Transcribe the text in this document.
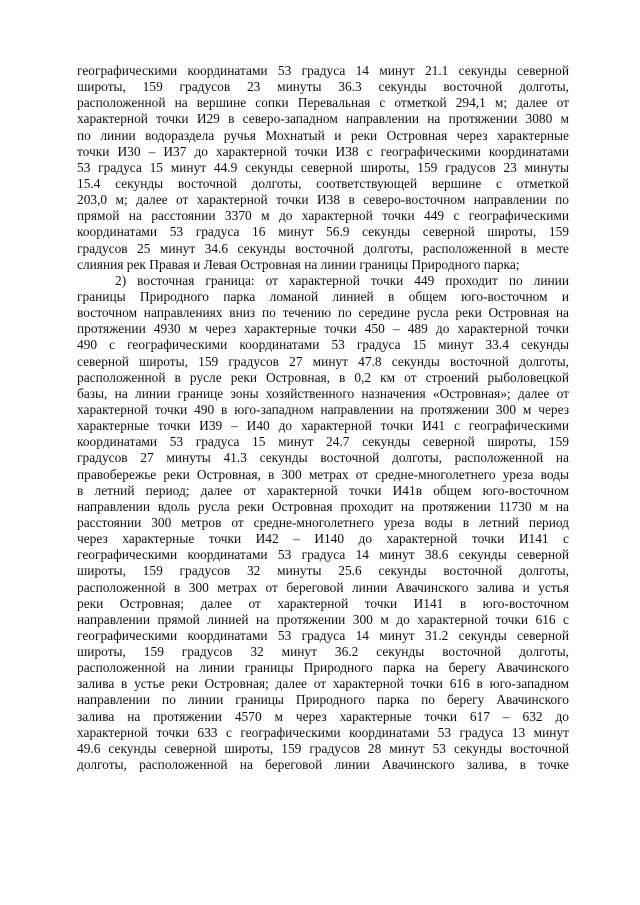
географическими координатами 53 градуса 14 минут 21.1 секунды северной
широты, 159 градусов 23 минуты 36.3 секунды восточной долготы,
расположенной на вершине сопки Перевальная с отметкой 294,1 м; далее от
характерной точки И29 в северо-западном направлении на протяжении 3080 м
по линии водораздела ручья Мохнатый и реки Островная через характерные
точки И30 – И37 до характерной точки И38 с географическими координатами
53 градуса 15 минут 44.9 секунды северной широты, 159 градусов 23 минуты
15.4 секунды восточной долготы, соответствующей вершине с отметкой
203,0 м; далее от характерной точки И38 в северо-восточном направлении по
прямой на расстоянии 3370 м до характерной точки 449 с географическими
координатами 53 градуса 16 минут 56.9 секунды северной широты, 159
градусов 25 минут 34.6 секунды восточной долготы, расположенной в месте
слияния рек Правая и Левая Островная на линии границы Природного парка;
2) восточная граница: от характерной точки 449 проходит по линии
границы Природного парка ломаной линией в общем юго-восточном и
восточном направлениях вниз по течению по середине русла реки Островная на
протяжении 4930 м через характерные точки 450 – 489 до характерной точки
490 с географическими координатами 53 градуса 15 минут 33.4 секунды
северной широты, 159 градусов 27 минут 47.8 секунды восточной долготы,
расположенной в русле реки Островная, в 0,2 км от строений рыболовецкой
базы, на линии границе зоны хозяйственного назначения «Островная»; далее от
характерной точки 490 в юго-западном направлении на протяжении 300 м через
характерные точки И39 – И40 до характерной точки И41 с географическими
координатами 53 градуса 15 минут 24.7 секунды северной широты, 159
градусов 27 минуты 41.3 секунды восточной долготы, расположенной на
правобережье реки Островная, в 300 метрах от средне-многолетнего уреза воды
в летний период; далее от характерной точки И41в общем юго-восточном
направлении вдоль русла реки Островная проходит на протяжении 11730 м на
расстоянии 300 метров от средне-многолетнего уреза воды в летний период
через характерные точки И42 – И140 до характерной точки И141 с
географическими координатами 53 градуса 14 минут 38.6 секунды северной
широты, 159 градусов 32 минуты 25.6 секунды восточной долготы,
расположенной в 300 метрах от береговой линии Авачинского залива и устья
реки Островная; далее от характерной точки И141 в юго-восточном
направлении прямой линией на протяжении 300 м до характерной точки 616 с
географическими координатами 53 градуса 14 минут 31.2 секунды северной
широты, 159 градусов 32 минут 36.2 секунды восточной долготы,
расположенной на линии границы Природного парка на берегу Авачинского
залива в устье реки Островная; далее от характерной точки 616 в юго-западном
направлении по линии границы Природного парка по берегу Авачинского
залива на протяжении 4570 м через характерные точки 617 – 632 до
характерной точки 633 с географическими координатами 53 градуса 13 минут
49.6 секунды северной широты, 159 градусов 28 минут 53 секунды восточной
долготы, расположенной на береговой линии Авачинского залива, в точке
